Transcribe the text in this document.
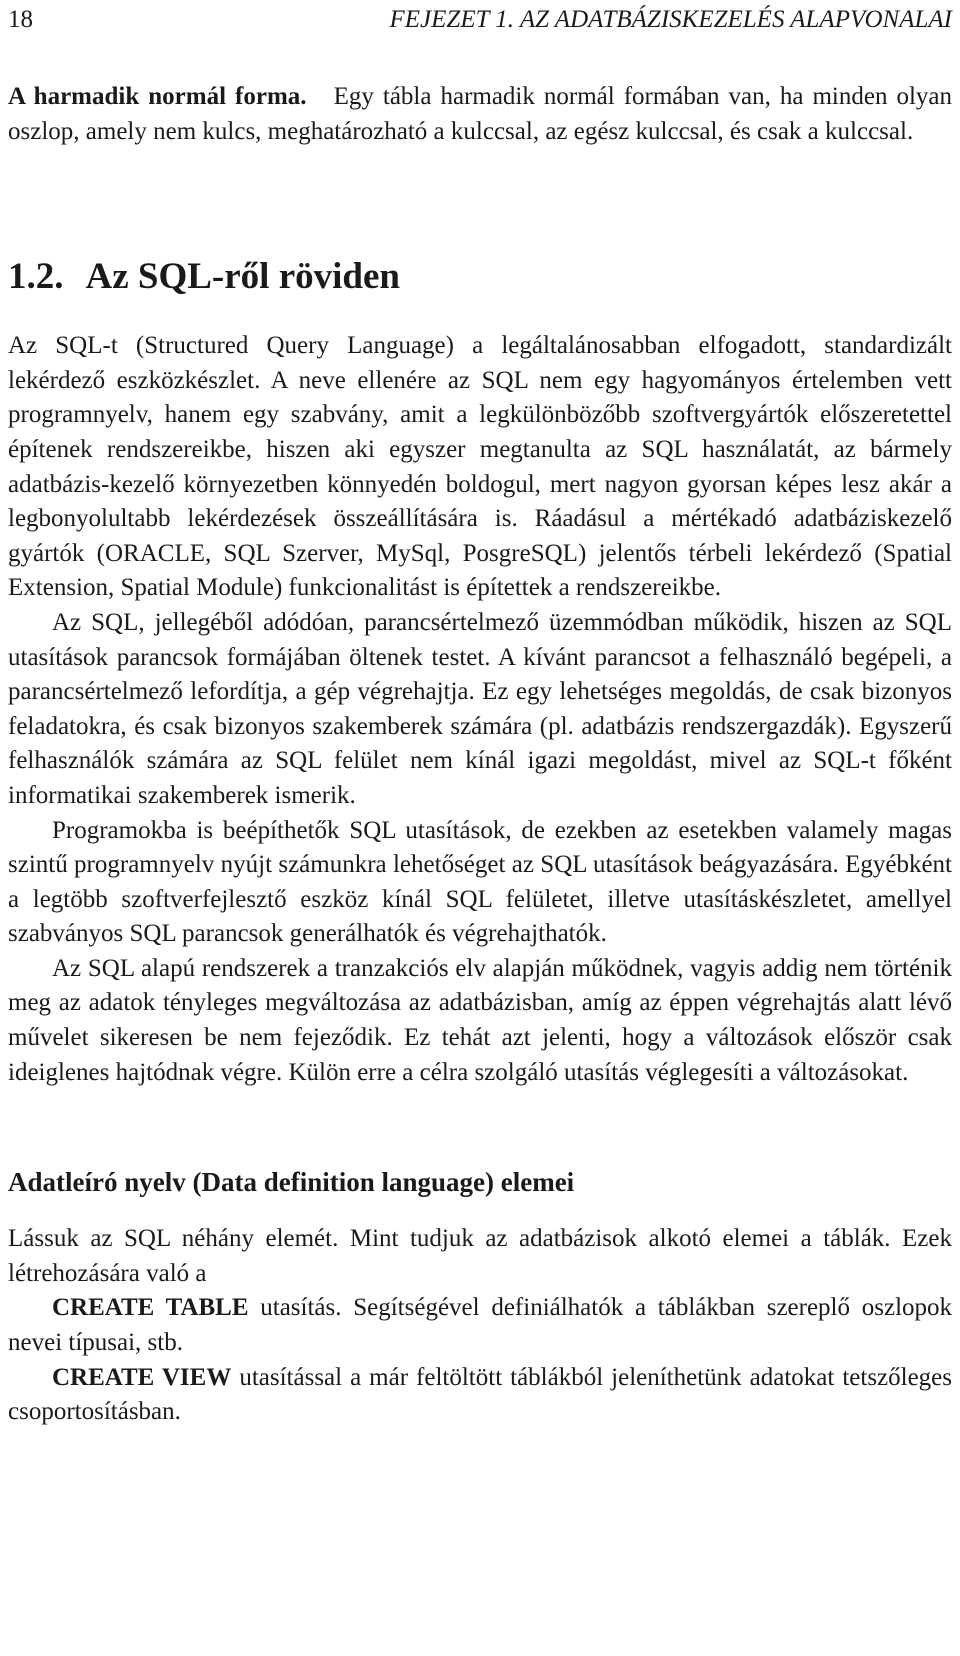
18	FEJEZET 1. AZ ADATBÁZISKEZELÉS ALAPVONALAI

A harmadik normál forma. Egy tábla harmadik normál formában van, ha minden olyan oszlop, amely nem kulcs, meghatározható a kulccsal, az egész kulccsal, és csak a kulccsal.

1.2. Az SQL-ről röviden

Az SQL-t (Structured Query Language) a legáltalánosabban elfogadott, standardizált lekérdező eszközkészlet. A neve ellenére az SQL nem egy hagyományos értelemben vett programnyelv, hanem egy szabvány, amit a legkülönbözőbb szoftvergyártók előszeretettel építenek rendszereikbe, hiszen aki egyszer megtanulta az SQL használatát, az bármely adatbázis-kezelő környezetben könnyedén boldogul, mert nagyon gyorsan képes lesz akár a legbonyolultabb lekérdezések összeállítására is. Ráadásul a mértékadó adatbáziskezelő gyártók (ORACLE, SQL Szerver, MySql, PosgreSQL) jelentős térbeli lekérdező (Spatial Extension, Spatial Module) funkcionalitást is építettek a rendszereikbe.

Az SQL, jellegéből adódóan, parancsértelmező üzemmódban működik, hiszen az SQL utasítások parancsok formájában öltenek testet. A kívánt parancsot a felhasználó begépeli, a parancsértelmező lefordítja, a gép végrehajtja. Ez egy lehetséges megoldás, de csak bizonyos feladatokra, és csak bizonyos szakemberek számára (pl. adatbázis rendszergazdák). Egyszerű felhasználók számára az SQL felület nem kínál igazi megoldást, mivel az SQL-t főként informatikai szakemberek ismerik.

Programokba is beépíthetők SQL utasítások, de ezekben az esetekben valamely magas szintű programnyelv nyújt számunkra lehetőséget az SQL utasítások beágyazására. Egyébként a legtöbb szoftverfejlesztő eszköz kínál SQL felületet, illetve utasításkészletet, amellyel szabványos SQL parancsok generálhatók és végrehajthatók.

Az SQL alapú rendszerek a tranzakciós elv alapján működnek, vagyis addig nem történik meg az adatok tényleges megváltozása az adatbázisban, amíg az éppen végrehajtás alatt lévő művelet sikeresen be nem fejeződik. Ez tehát azt jelenti, hogy a változások először csak ideiglenes hajtódnak végre. Külön erre a célra szolgáló utasítás véglegesíti a változásokat.

Adatleíró nyelv (Data definition language) elemei

Lássuk az SQL néhány elemét. Mint tudjuk az adatbázisok alkotó elemei a táblák. Ezek létrehozására való a

CREATE TABLE utasítás. Segítségével definiálhatók a táblákban szereplő oszlopok nevei típusai, stb.

CREATE VIEW utasítással a már feltöltött táblákból jeleníthetünk adatokat tetszőleges csoportosításban.
